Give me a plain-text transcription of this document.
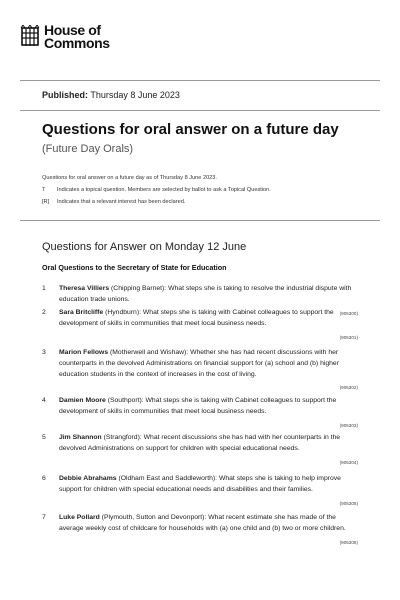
House of
Commons
Published: Thursday 8 June 2023
Questions for oral answer on a future day
(Future Day Orals)
Questions for oral answer on a future day as of Thursday 8 June 2023.
T	Indicates a topical question. Members are selected by ballot to ask a Topical Question.
[R]	Indicates that a relevant interest has been declared.
Questions for Answer on Monday 12 June
Oral Questions to the Secretary of State for Education
1 Theresa Villiers (Chipping Barnet): What steps she is taking to resolve the industrial dispute with education trade unions.
(905300)
2 Sara Britcliffe (Hyndburn): What steps she is taking with Cabinet colleagues to support the development of skills in communities that meet local business needs.
(905301)
3 Marion Fellows (Motherwell and Wishaw): Whether she has had recent discussions with her counterparts in the devolved Administrations on financial support for (a) school and (b) higher education students in the context of increases in the cost of living.
(905302)
4 Damien Moore (Southport): What steps she is taking with Cabinet colleagues to support the development of skills in communities that meet local business needs.
(905303)
5 Jim Shannon (Strangford): What recent discussions she has had with her counterparts in the devolved Administrations on support for children with special educational needs.
(905304)
6 Debbie Abrahams (Oldham East and Saddleworth): What steps she is taking to help improve support for children with special educational needs and disabilities and their families.
(905305)
7 Luke Pollard (Plymouth, Sutton and Devonport): What recent estimate she has made of the average weekly cost of childcare for households with (a) one child and (b) two or more children.
(905306)
